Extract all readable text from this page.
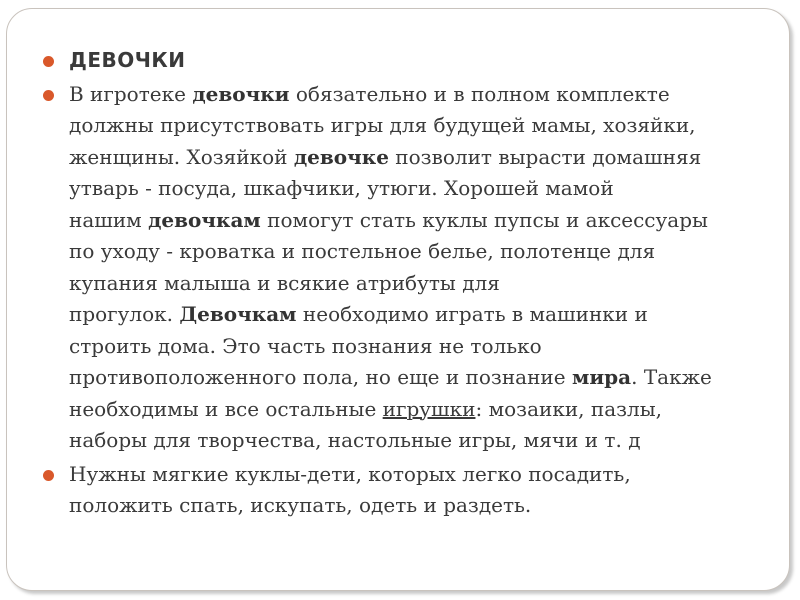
ДЕВОЧКИ
В игротеке девочки обязательно и в полном комплекте
должны присутствовать игры для будущей мамы, хозяйки,
женщины. Хозяйкой девочке позволит вырасти домашняя
утварь - посуда, шкафчики, утюги. Хорошей мамой
нашим девочкам помогут стать куклы пупсы и аксессуары
по уходу - кроватка и постельное белье, полотенце для
купания малыша и всякие атрибуты для
прогулок. Девочкам необходимо играть в машинки и
строить дома. Это часть познания не только
противоположенного пола, но еще и познание мира. Также
необходимы и все остальные игрушки: мозаики, пазлы,
наборы для творчества, настольные игры, мячи и т. д
Нужны мягкие куклы-дети, которых легко посадить,
положить спать, искупать, одеть и раздеть.
